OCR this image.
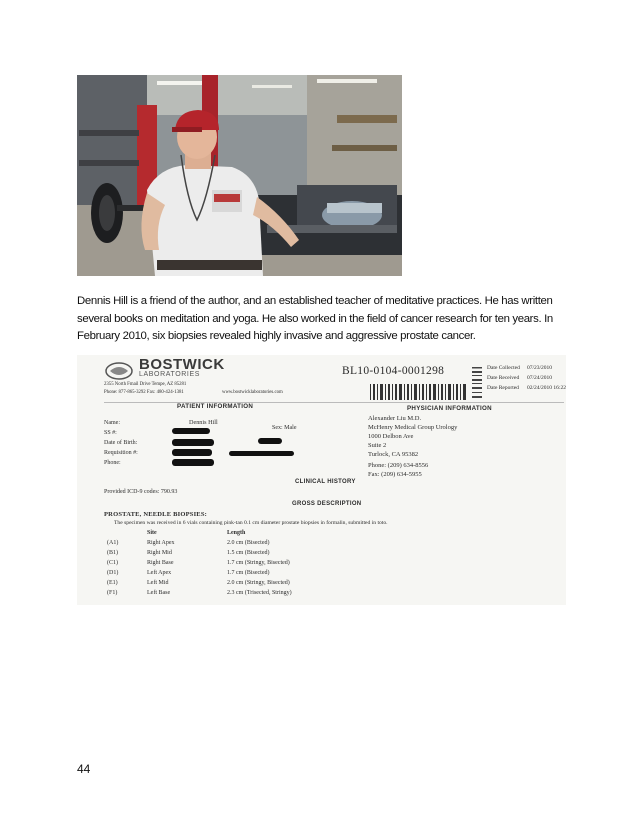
Dennis Hill is a friend of the author, and an established teacher of meditative practices. He has written several books on meditation and yoga. He also worked in the field of cancer research for ten years. In February 2010, six biopsies revealed highly invasive and aggressive prostate cancer.

BOSTWICK
LABORATORIES
2355 North Fmail Drive Tempe, AZ 85281
Phone: 877-865-3292 Fax: 480-424-1381	www.bostwicklaboratories.com
BL10-0104-0001298	Date Collected 07/23/2010
Date Received 07/24/2010
Date Reported 02/24/2010 16:22
PATIENT INFORMATION	PHYSICIAN INFORMATION
Name:	Dennis Hill
SS #:
Date of Birth:
Requisition #:
Phone:
Sex: Male
Alexander Liu M.D.
McHenry Medical Group Urology
1000 Delbon Ave
Suite 2
Turlock, CA 95382
Phone: (209) 634-8556
Fax: (209) 634-5955
CLINICAL HISTORY
Provided ICD-9 codes: 790.93
GROSS DESCRIPTION
PROSTATE, NEEDLE BIOPSIES:
The specimen was received in 6 vials containing pink-tan 0.1 cm diameter prostate biopsies in formalin, submitted in toto.
Site	Length
(A1)	Right Apex	2.0 cm (Bisected)
(B1)	Right Mid	1.5 cm (Bisected)
(C1)	Right Base	1.7 cm (Stringy, Bisected)
(D1)	Left Apex	1.7 cm (Bisected)
(E1)	Left Mid	2.0 cm (Stringy, Bisected)
(F1)	Left Base	2.3 cm (Trisected, Stringy)
44
